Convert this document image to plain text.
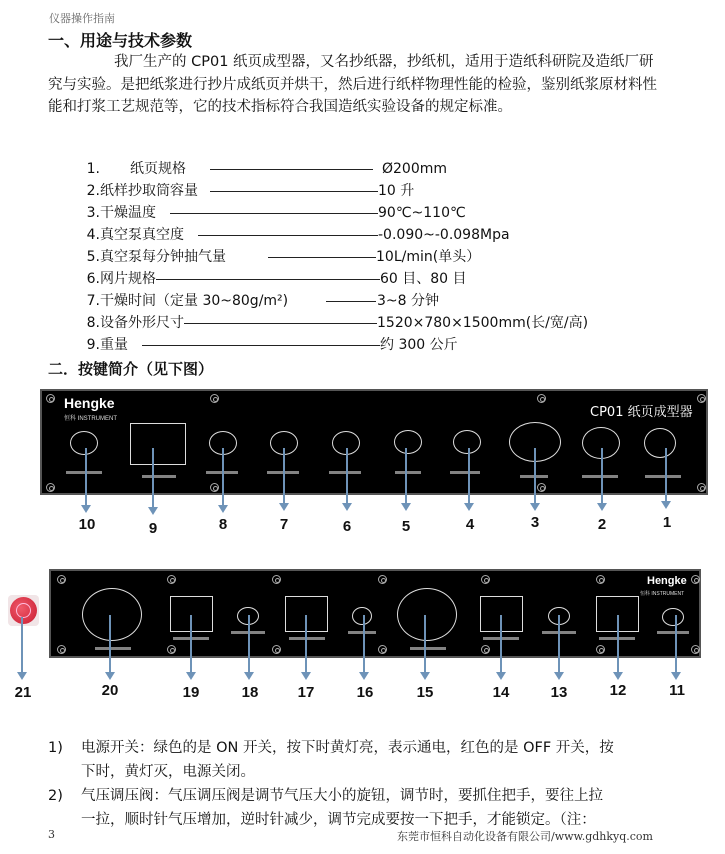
仪器操作指南
一、用途与技术参数
我厂生产的 CP01 纸页成型器，又名抄纸器，抄纸机，适用于造纸科研院及造纸厂研究与实验。是把纸浆进行抄片成纸页并烘干，然后进行纸样物理性能的检验，鉴别纸浆原材料性能和打浆工艺规范等，它的技术指标符合我国造纸实验设备的规定标准。
1. 纸页规格	Ø200mm
2. 纸样抄取筒容量	10 升
3. 干燥温度	90℃~110℃
4. 真空泵真空度	-0.090~-0.098Mpa
5. 真空泵每分钟抽气量	10L/min(单头）
6. 网片规格	60 目、80 目
7. 干燥时间（定量 30~80g/m²)	3~8 分钟
8. 设备外形尺寸	1520×780×1500mm(长/宽/高)
9. 重量	约 300 公斤
二．按键简介（见下图）
Hengke
恒科 INSTRUMENT	CP01 纸页成型器
10	9	8	7	6	5	4	3	2	1
Hengke
恒科 INSTRUMENT
21	20	19	18	17	16	15	14	13	12	11
1) 电源开关：绿色的是 ON 开关，按下时黄灯亮，表示通电，红色的是 OFF 开关，按
下时，黄灯灭，电源关闭。
2) 气压调压阀：气压调压阀是调节气压大小的旋钮，调节时，要抓住把手，要往上拉
一拉，顺时针气压增加，逆时针减少，调节完成要按一下把手，才能锁定。（注：
3	东莞市恒科自动化设备有限公司/www.gdhkyq.com
